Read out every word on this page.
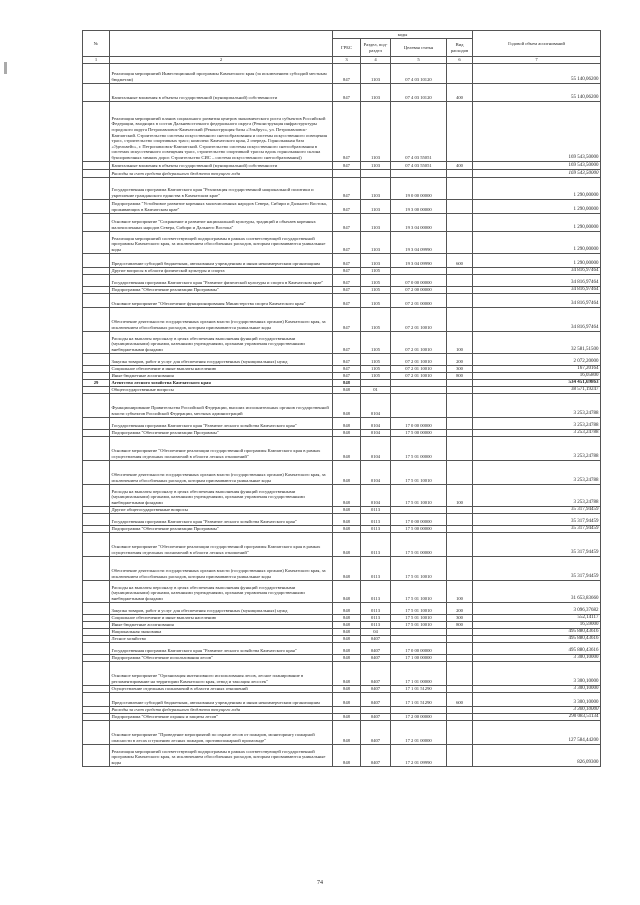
№		коды				Годовой объем ассигнований
		ГРБС	Раздел, под-раздел	Целевая статья	Вид расходов	
1	2	3	4	5	6	7
	Реализация мероприятий Инвестиционной программы Камчатского края (за исключением субсидий местным бюджетам)	847	1103	07 4 03 10120		55 140,06200
	Капитальные вложения в объекты государственной (муниципальной) собственности	847	1103	07 4 03 10120	400	55 140,06200
	Реализация мероприятий планов социального развития центров экономического роста субъектов Российской Федерации, входящих в состав Дальневосточного федерального округа (Реконструкция инфраструктуры городского округа Петропавловск-Камчатский (Реконструкция базы «Эльбрус», ул. Петропавловск-Камчатский. Строительство системы искусственного снегообразования и системы искусственного освещения трасс, строительство спортивных трасс; комплекс Камчатского края, 2 очередь. Горнолыжная база «Эдельвейс», г. Петропавловск-Камчатский. Строительство системы искусственного снегообразования в системах искусственного освещения трасс, строительство спортивной трассы вдоль горнолыжного склона буксировочных зимних дорог. Строительство СИС – система искусственного снегообразования))	847	1103	07 4 03 55051		169 543,50000
	Капитальные вложения в объекты государственной (муниципальной) собственности	847	1103	07 4 03 55051	400	169 543,50000
	Расходы за счет средств федерального бюджета текущего года					169 543,50000
	Государственная программа Камчатского края "Реализация государственной национальной политики и укрепление гражданского единства в Камчатском крае"	847	1103	19 0 00 00000		1 290,00000
	Подпрограмма "Устойчивое развитие коренных малочисленных народов Севера, Сибири и Дальнего Востока, проживающих в Камчатском крае"	847	1103	19 3 00 00000		1 290,00000
	Основное мероприятие "Сохранение и развитие национальной культуры, традиций и обычаев коренных малочисленных народов Севера, Сибири и Дальнего Востока"	847	1103	19 3 04 00000		1 290,00000
	Реализация мероприятий соответствующей подпрограммы в рамках соответствующей государственной программы Камчатского края, за исключением обособленных расходов, которым присваиваются уникальные коды	847	1103	19 3 04 09990		1 290,00000
	Предоставление субсидий бюджетным, автономным учреждениям и иным некоммерческим организациям	847	1103	19 3 04 09990	600	1 290,00000
	Другие вопросы в области физической культуры и спорта	847	1105			34 816,97464
	Государственная программа Камчатского края "Развитие физической культуры и спорта в Камчатском крае"	847	1105	07 0 00 00000		34 816,97464
	Подпрограмма "Обеспечение реализации Программы"	847	1105	07 2 00 00000		34 816,97464
	Основное мероприятие "Обеспечение функционирования Министерства спорта Камчатского края"	847	1105	07 2 01 00000		34 816,97464
	Обеспечение деятельности государственных органов власти (государственных органов) Камчатского края, за исключением обособленных расходов, которым присваиваются уникальные коды	847	1105	07 2 01 10010		34 816,97464
	Расходы на выплаты персоналу в целях обеспечения выполнения функций государственными (муниципальными) органами, казенными учреждениями, органами управления государственными внебюджетными фондами	847	1105	07 2 01 10010	100	32 581,51500
	Закупка товаров, работ и услуг для обеспечения государственных (муниципальных) нужд	847	1105	07 2 01 10010	200	2 072,20000
	Социальное обеспечение и иные выплаты населению	847	1105	07 2 01 10010	300	167,20164
	Иные бюджетные ассигнования	847	1105	07 2 01 10010	800	16,05800
29	Агентство лесного хозяйства Камчатского края	848				534 451,69863
	Общегосударственные вопросы	848	01			38 571,19247
	Функционирование Правительства Российской Федерации, высших исполнительных органов государственной власти субъектов Российской Федерации, местных администраций	848	0104			3 253,24788
	Государственная программа Камчатского края "Развитие лесного хозяйства Камчатского края"	848	0104	17 0 00 00000		3 253,24788
	Подпрограмма "Обеспечение реализации Программы"	848	0104	17 5 00 00000		3 253,24788
	Основное мероприятие "Обеспечение реализации государственной программы Камчатского края в рамках осуществления отдельных полномочий в области лесных отношений"	848	0104	17 5 01 00000		3 253,24788
	Обеспечение деятельности государственных органов власти (государственных органов) Камчатского края, за исключением обособленных расходов, которым присваиваются уникальные коды	848	0104	17 5 01 10010		3 253,24788
	Расходы на выплаты персоналу в целях обеспечения выполнения функций государственными (муниципальными) органами, казенными учреждениями, органами управления государственными внебюджетными фондами	848	0104	17 5 01 10010	100	3 253,24788
	Другие общегосударственные вопросы	848	0113			35 317,94459
	Государственная программа Камчатского края "Развитие лесного хозяйства Камчатского края"	848	0113	17 0 00 00000		35 317,94459
	Подпрограмма "Обеспечение реализации Программы"	848	0113	17 5 00 00000		35 317,94459
	Основное мероприятие "Обеспечение реализации государственной программы Камчатского края в рамках осуществления отдельных полномочий в области лесных отношений"	848	0113	17 5 01 00000		35 317,94459
	Обеспечение деятельности государственных органов власти (государственных органов) Камчатского края, за исключением обособленных расходов, которым присваиваются уникальные коды	848	0113	17 5 01 10010		35 317,94459
	Расходы на выплаты персоналу в целях обеспечения выполнения функций государственными (муниципальными) органами, казенными учреждениями, органами управления государственными внебюджетными фондами	848	0113	17 5 01 10010	100	31 653,83660
	Закупка товаров, работ и услуг для обеспечения государственных (муниципальных) нужд	848	0113	17 5 01 10010	200	3 096,37682
	Социальное обеспечение и иные выплаты населению	848	0113	17 5 01 10010	300	552,14117
	Иные бюджетные ассигнования	848	0113	17 5 01 10010	800	16,59000
	Национальная экономика	848	04			495 880,43616
	Лесное хозяйство	848	0407			495 880,43616
	Государственная программа Камчатского края "Развитие лесного хозяйства Камчатского края"	848	0407	17 0 00 00000		495 880,43616
	Подпрограмма "Обеспечение использования лесов"	848	0407	17 1 00 00000		3 300,10000
	Основное мероприятие "Организация интенсивного использования лесов, лесное планирование в регламентирование на территории Камчатского края, отвод и таксация лесосек"	848	0407	17 1 01 00000		3 300,10000
	Осуществление отдельных полномочий в области лесных отношений	848	0407	17 1 01 51290		3 300,10000
	Предоставление субсидий бюджетным, автономным учреждениям и иным некоммерческим организациям	848	0407	17 1 01 51290	600	3 300,10000
	Расходы за счет средств федерального бюджета текущего года					3 300,10000
	Подпрограмма "Обеспечение охраны и защиты лесов"	848	0407	17 2 00 00000		290 083,51134
	Основное мероприятие "Проведение мероприятий по охране лесов от пожаров, мониторингу пожарной опасности в лесах и тушению лесных пожаров, противопожарной пропаганде"	848	0407	17 2 01 00000		127 584,44200
	Реализация мероприятий соответствующей подпрограммы в рамках соответствующей государственной программы Камчатского края, за исключением обособленных расходов, которым присваиваются уникальные коды	848	0407	17 2 01 09990		826,09300
74
